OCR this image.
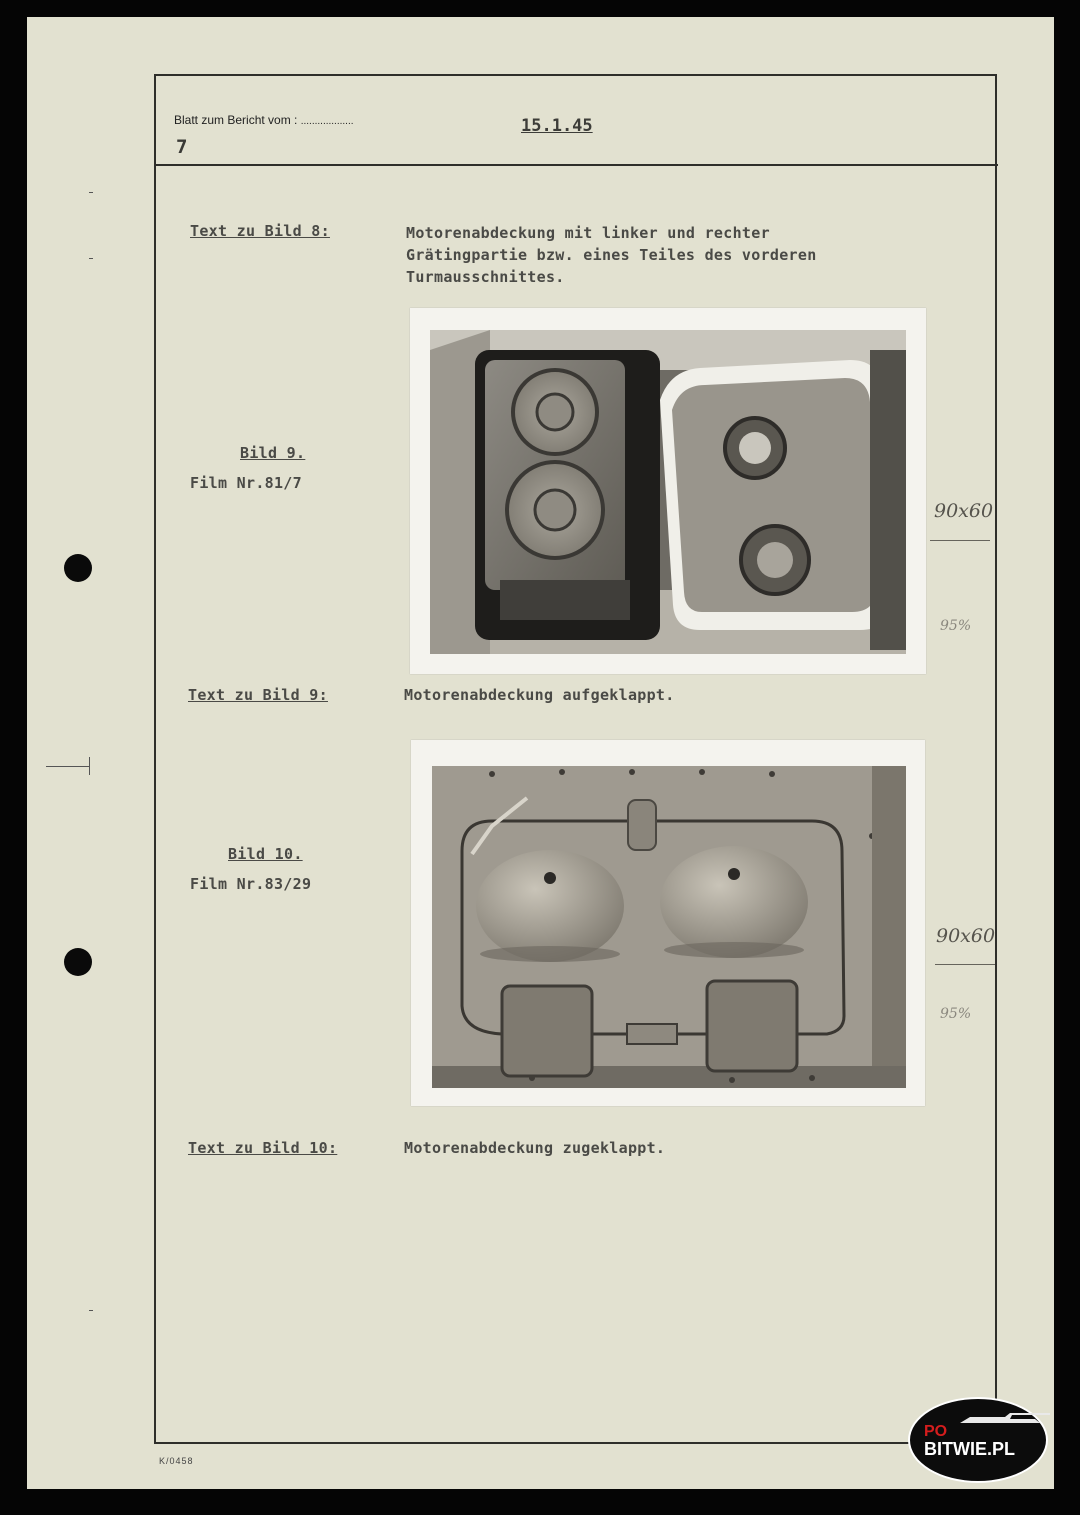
Blatt zum Bericht vom : ...................
7
15.1.45
Text zu Bild 8:	Motorenabdeckung mit linker und rechter
Grätingpartie bzw. eines Teiles des vorderen
Turmausschnittes.
Bild 9.
Film Nr.81/7
90x60
95%
Text zu Bild 9:	Motorenabdeckung aufgeklappt.
Bild 10.
Film Nr.83/29
90x60
95%
Text zu Bild 10:	Motorenabdeckung zugeklappt.
K/0458
PO
BITWIE.PL
